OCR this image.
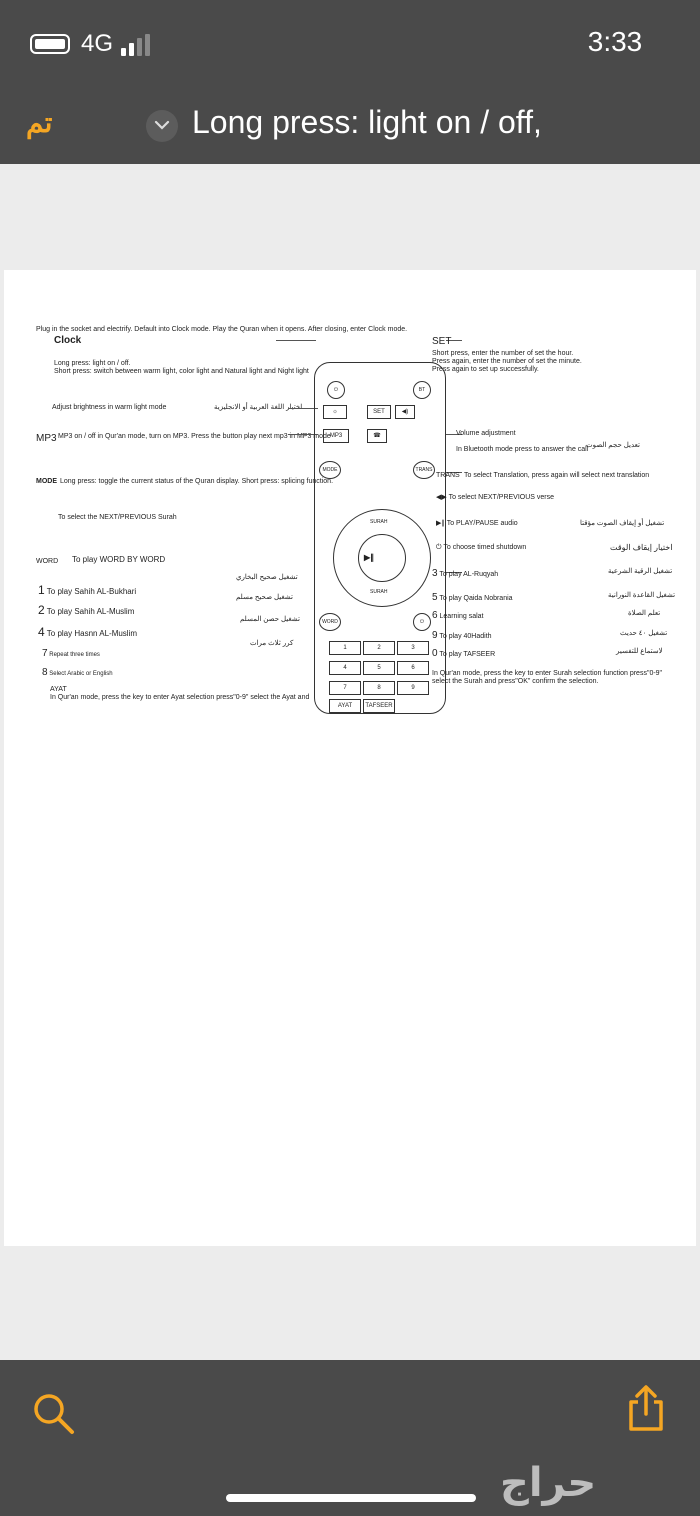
4G	3:33
تم	Long press: light on / off,
Plug in the socket and electrify. Default into Clock mode. Play the Quran when it opens. After closing, enter Clock mode.
Clock
Long press: light on / off.
Short press: switch between warm light, color light and Natural light and Night light
Adjust brightness in warm light mode
MP3 MP3 on / off in Qur'an mode, turn on MP3. Press the button play next mp3 in MP3 mode
MODE Long press: toggle the current status of the Quran display. Short press: splicing function.
To select the NEXT/PREVIOUS Surah
WORD To play WORD BY WORD
1 To play Sahih AL-Bukhari
2 To play Sahih AL-Muslim
4 To play Hasnn AL-Muslim
7 Repeat three times
8 Select Arabic or English
AYAT
In Qur'an mode, press the key to enter Ayat selection press"0-9" select the Ayat and
اختيار اللغة العربية أو الانجليزية
تشغيل صحيح البخاري
تشغيل صحيح مسلم
تشغيل حصن المسلم
كرر ثلاث مرات
⏻	BT
☼	SET	◀)
MP3	☎
MODE	TRANS
SURAH
SURAH
▶∥
WORD	⏻
1	2	3
4	5	6
7	8	9
AYAT	TAFSEER
SET
Short press, enter the number of set the hour.
Press again, enter the number of set the minute.
Press again to set up successfully.
Volume adjustment
In Bluetooth mode press to answer the call
TRANS To select Translation, press again will select next translation
◀▶ To select NEXT/PREVIOUS verse
▶∥ To PLAY/PAUSE audio
⏻ To choose timed shutdown
3 To play AL-Ruqyah
5 To play Qaida Nobrania
6 Learning salat
9 To play 40Hadith
0 To play TAFSEER
In Qur'an mode, press the key to enter Surah selection function press"0-9" select the Surah and press"OK" confirm the selection.
تعديل حجم الصوت
تشغيل أو إيقاف الصوت مؤقتا
اختيار إيقاف الوقت
تشغيل الرقية الشرعية
تشغيل القاعدة النورانية
تعلم الصلاة
تشغيل ٤٠ حديث
لاستماع للتفسير
حراج
